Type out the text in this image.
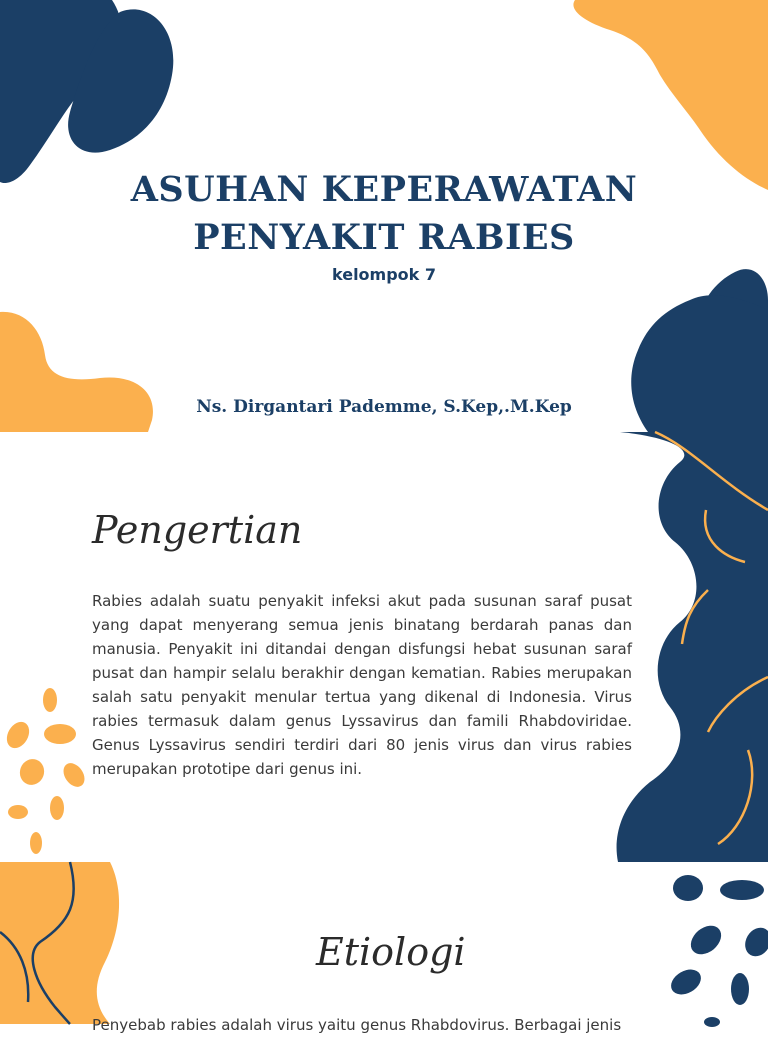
ASUHAN KEPERAWATAN
PENYAKIT RABIES
kelompok 7
Ns. Dirgantari Pademme, S.Kep,.M.Kep
Pengertian

Rabies adalah suatu penyakit infeksi akut pada susunan saraf pusat yang dapat menyerang semua jenis binatang berdarah panas dan manusia. Penyakit ini ditandai dengan disfungsi hebat susunan saraf pusat dan hampir selalu berakhir dengan kematian. Rabies merupakan salah satu penyakit menular tertua yang dikenal di Indonesia. Virus rabies termasuk dalam genus Lyssavirus dan famili Rhabdoviridae. Genus Lyssavirus sendiri terdiri dari 80 jenis virus dan virus rabies merupakan prototipe dari genus ini.

Etiologi

Penyebab rabies adalah virus yaitu genus Rhabdovirus. Berbagai jenis
